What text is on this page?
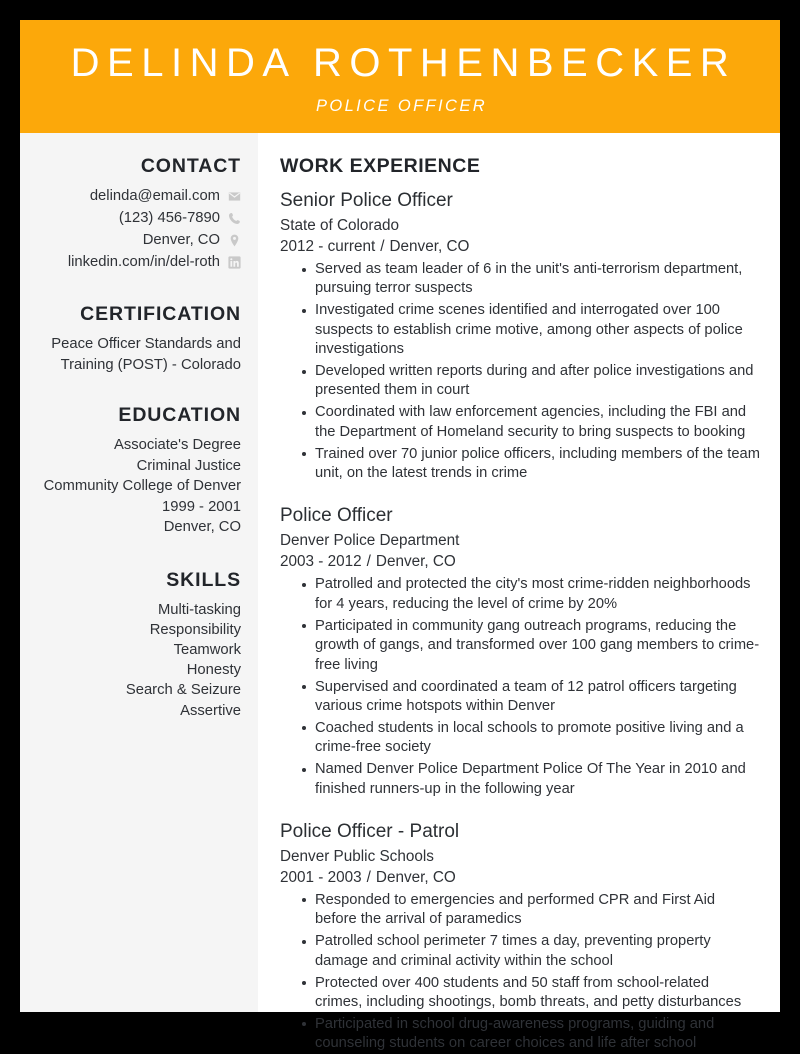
DELINDA ROTHENBECKER
POLICE OFFICER
CONTACT
delinda@email.com
(123) 456-7890
Denver, CO
linkedin.com/in/del-roth
CERTIFICATION

Peace Officer Standards and Training (POST) - Colorado

EDUCATION

Associate's Degree

Criminal Justice

Community College of Denver

1999 - 2001

Denver, CO

SKILLS
Multi-tasking
Responsibility
Teamwork
Honesty
Search & Seizure
Assertive
WORK EXPERIENCE
Senior Police Officer

State of Colorado

2012 - current / Denver, CO

Served as team leader of 6 in the unit's anti-terrorism department, pursuing terror suspects
Investigated crime scenes identified and interrogated over 100 suspects to establish crime motive, among other aspects of police investigations
Developed written reports during and after police investigations and presented them in court
Coordinated with law enforcement agencies, including the FBI and the Department of Homeland security to bring suspects to booking
Trained over 70 junior police officers, including members of the team unit, on the latest trends in crime
Police Officer

Denver Police Department

2003 - 2012 / Denver, CO

Patrolled and protected the city's most crime-ridden neighborhoods for 4 years, reducing the level of crime by 20%
Participated in community gang outreach programs, reducing the growth of gangs, and transformed over 100 gang members to crime-free living
Supervised and coordinated a team of 12 patrol officers targeting various crime hotspots within Denver
Coached students in local schools to promote positive living and a crime-free society
Named Denver Police Department Police Of The Year in 2010 and finished runners-up in the following year
Police Officer - Patrol

Denver Public Schools

2001 - 2003 / Denver, CO

Responded to emergencies and performed CPR and First Aid before the arrival of paramedics
Patrolled school perimeter 7 times a day, preventing property damage and criminal activity within the school
Protected over 400 students and 50 staff from school-related crimes, including shootings, bomb threats, and petty disturbances
Participated in school drug-awareness programs, guiding and counseling students on career choices and life after school
